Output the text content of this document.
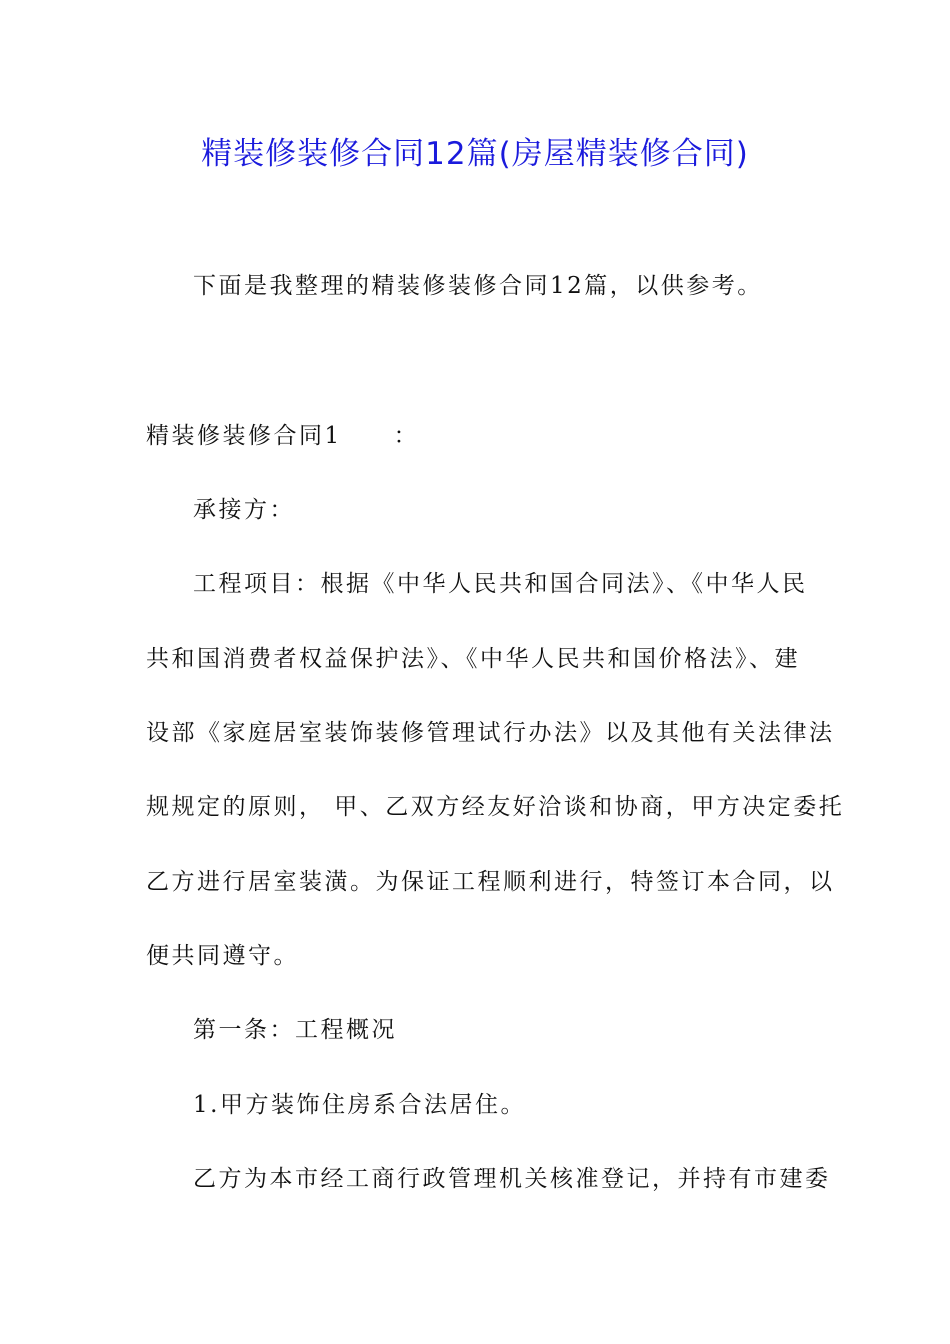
精装修装修合同12篇(房屋精装修合同)

下面是我整理的精装修装修合同12篇，以供参考。

精装修装修合同1 ：

承接方：

工程项目：根据《中华人民共和国合同法》、《中华人民

共和国消费者权益保护法》、《中华人民共和国价格法》、建

设部《家庭居室装饰装修管理试行办法》以及其他有关法律法

规规定的原则， 甲、乙双方经友好洽谈和协商，甲方决定委托

乙方进行居室装潢。为保证工程顺利进行，特签订本合同，以

便共同遵守。

第一条：工程概况

1.甲方装饰住房系合法居住。

乙方为本市经工商行政管理机关核准登记，并持有市建委
